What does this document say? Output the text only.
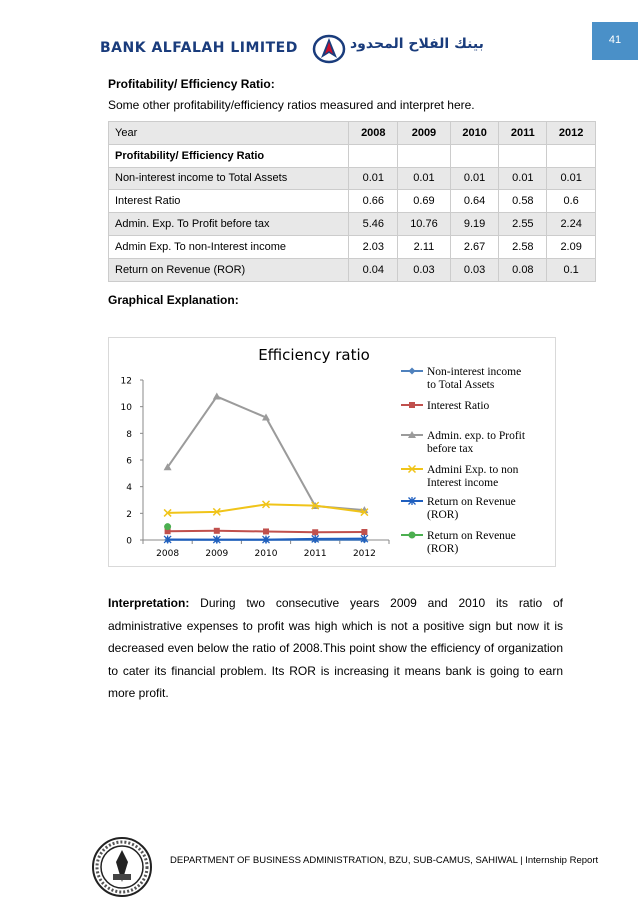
41
BANK ALFALAH LIMITED	بينك الفلاح المحدود
Profitability/ Efficiency Ratio:
Some other profitability/efficiency ratios measured and interpret here.
Year	2008	2009	2010	2011	2012
Profitability/ Efficiency Ratio					
Non-interest income to Total Assets	0.01	0.01	0.01	0.01	0.01
Interest Ratio	0.66	0.69	0.64	0.58	0.6
Admin. Exp. To Profit before tax	5.46	10.76	9.19	2.55	2.24
Admin Exp. To non-Interest income	2.03	2.11	2.67	2.58	2.09
Return on Revenue (ROR)	0.04	0.03	0.03	0.08	0.1
Graphical Explanation:
Efficiency ratio
0
2
4
6
8
10
12
2008	2009	2010	2011	2012
Non-interest income to Total Assets
Interest Ratio
Admin. exp. to Profit before tax
Admini Exp. to non Interest income
Return on Revenue (ROR)
Return on Revenue (ROR)
Interpretation: During two consecutive years 2009 and 2010 its ratio of administrative expenses to profit was high which is not a positive sign but now it is decreased even below the ratio of 2008.This point show the efficiency of organization to cater its financial problem. Its ROR is increasing it means bank is going to earn more profit.
DEPARTMENT OF BUSINESS ADMINISTRATION, BZU, SUB-CAMUS, SAHIWAL | Internship Report
